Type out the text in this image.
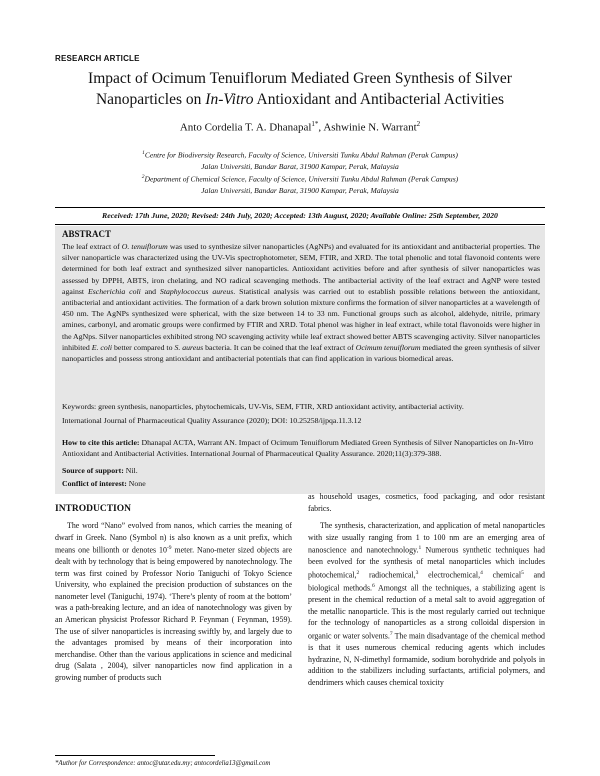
RESEARCH ARTICLE
Impact of Ocimum Tenuiflorum Mediated Green Synthesis of Silver
Nanoparticles on In-Vitro Antioxidant and Antibacterial Activities
Anto Cordelia T. A. Dhanapal$^{1*}$, Ashwinie N. Warrant$^2$
$^1$Centre for Biodiversity Research, Faculty of Science, Universiti Tunku Abdul Rahman (Perak Campus)
Jalan Universiti, Bandar Barat, 31900 Kampar, Perak, Malaysia
$^2$Department of Chemical Science, Faculty of Science, Universiti Tunku Abdul Rahman (Perak Campus)
Jalan Universiti, Bandar Barat, 31900 Kampar, Perak, Malaysia
Received: 17th June, 2020; Revised: 24th July, 2020; Accepted: 13th August, 2020; Available Online: 25th September, 2020
ABSTRACT
The leaf extract of O. tenuiflorum was used to synthesize silver nanoparticles (AgNPs) and evaluated for its antioxidant and antibacterial properties. The silver nanoparticle was characterized using the UV-Vis spectrophotometer, SEM, FTIR, and XRD. The total phenolic and total flavonoid contents were determined for both leaf extract and synthesized silver nanoparticles. Antioxidant activities before and after synthesis of silver nanoparticles was assessed by DPPH, ABTS, iron chelating, and NO radical scavenging methods. The antibacterial activity of the leaf extract and AgNP were tested against Escherichia coli and Staphylococcus aureus. Statistical analysis was carried out to establish possible relations between the antioxidant, antibacterial and antioxidant activities. The formation of a dark brown solution mixture confirms the formation of silver nanoparticles at a wavelength of 450 nm. The AgNPs synthesized were spherical, with the size between 14 to 33 nm. Functional groups such as alcohol, aldehyde, nitrile, primary amines, carbonyl, and aromatic groups were confirmed by FTIR and XRD. Total phenol was higher in leaf extract, while total flavonoids were higher in the AgNps. Silver nanoparticles exhibited strong NO scavenging activity while leaf extract showed better ABTS scavenging activity. Silver nanoparticles inhibited E. coli better compared to S. aureus bacteria. It can be coined that the leaf extract of Ocimum tenuiflorum mediated the green synthesis of silver nanoparticles and possess strong antioxidant and antibacterial potentials that can find application in various biomedical areas.
Keywords: green synthesis, nanoparticles, phytochemicals, UV-Vis, SEM, FTIR, XRD antioxidant activity, antibacterial activity.
International Journal of Pharmaceutical Quality Assurance (2020); DOI: 10.25258/ijpqa.11.3.12
How to cite this article: Dhanapal ACTA, Warrant AN. Impact of Ocimum Tenuiflorum Mediated Green Synthesis of Silver Nanoparticles on In-Vitro Antioxidant and Antibacterial Activities. International Journal of Pharmaceutical Quality Assurance. 2020;11(3):379-388.
Source of support: Nil.
Conflict of interest: None
INTRODUCTION

The word “Nano” evolved from nanos, which carries the meaning of dwarf in Greek. Nano (Symbol n) is also known as a unit prefix, which means one billionth or denotes $10^{-9}$ meter. Nano-meter sized objects are dealt with by technology that is being empowered by nanotechnology. The term was first coined by Professor Norio Taniguchi of Tokyo Science University, who explained the precision production of substances on the nanometer level (Taniguchi, 1974). ‘There’s plenty of room at the bottom’ was a path-breaking lecture, and an idea of nanotechnology was given by an American physicist Professor Richard P. Feynman ( Feynman, 1959). The use of silver nanoparticles is increasing swiftly by, and largely due to the advantages promised by means of their incorporation into merchandise. Other than the various applications in science and medicinal drug (Salata , 2004), silver nanoparticles now find application in a growing number of products such

as household usages, cosmetics, food packaging, and odor resistant fabrics.

The synthesis, characterization, and application of metal nanoparticles with size usually ranging from 1 to 100 nm are an emerging area of nanoscience and nanotechnology.$^1$ Numerous synthetic techniques had been evolved for the synthesis of metal nanoparticles which includes photochemical,$^2$ radiochemical,$^3$ electrochemical,$^4$ chemical$^5$ and biological methods.$^6$ Amongst all the techniques, a stabilizing agent is present in the chemical reduction of a metal salt to avoid aggregation of the metallic nanoparticle. This is the most regularly carried out technique for the technology of nanoparticles as a strong colloidal dispersion in organic or water solvents.$^7$ The main disadvantage of the chemical method is that it uses numerous chemical reducing agents which includes hydrazine, N, N-dimethyl formamide, sodium borohydride and polyols in addition to the stabilizers including surfactants, artificial polymers, and dendrimers which causes chemical toxicity

*Author for Correspondence: antoc@utar.edu.my; antocordelia13@gmail.com
